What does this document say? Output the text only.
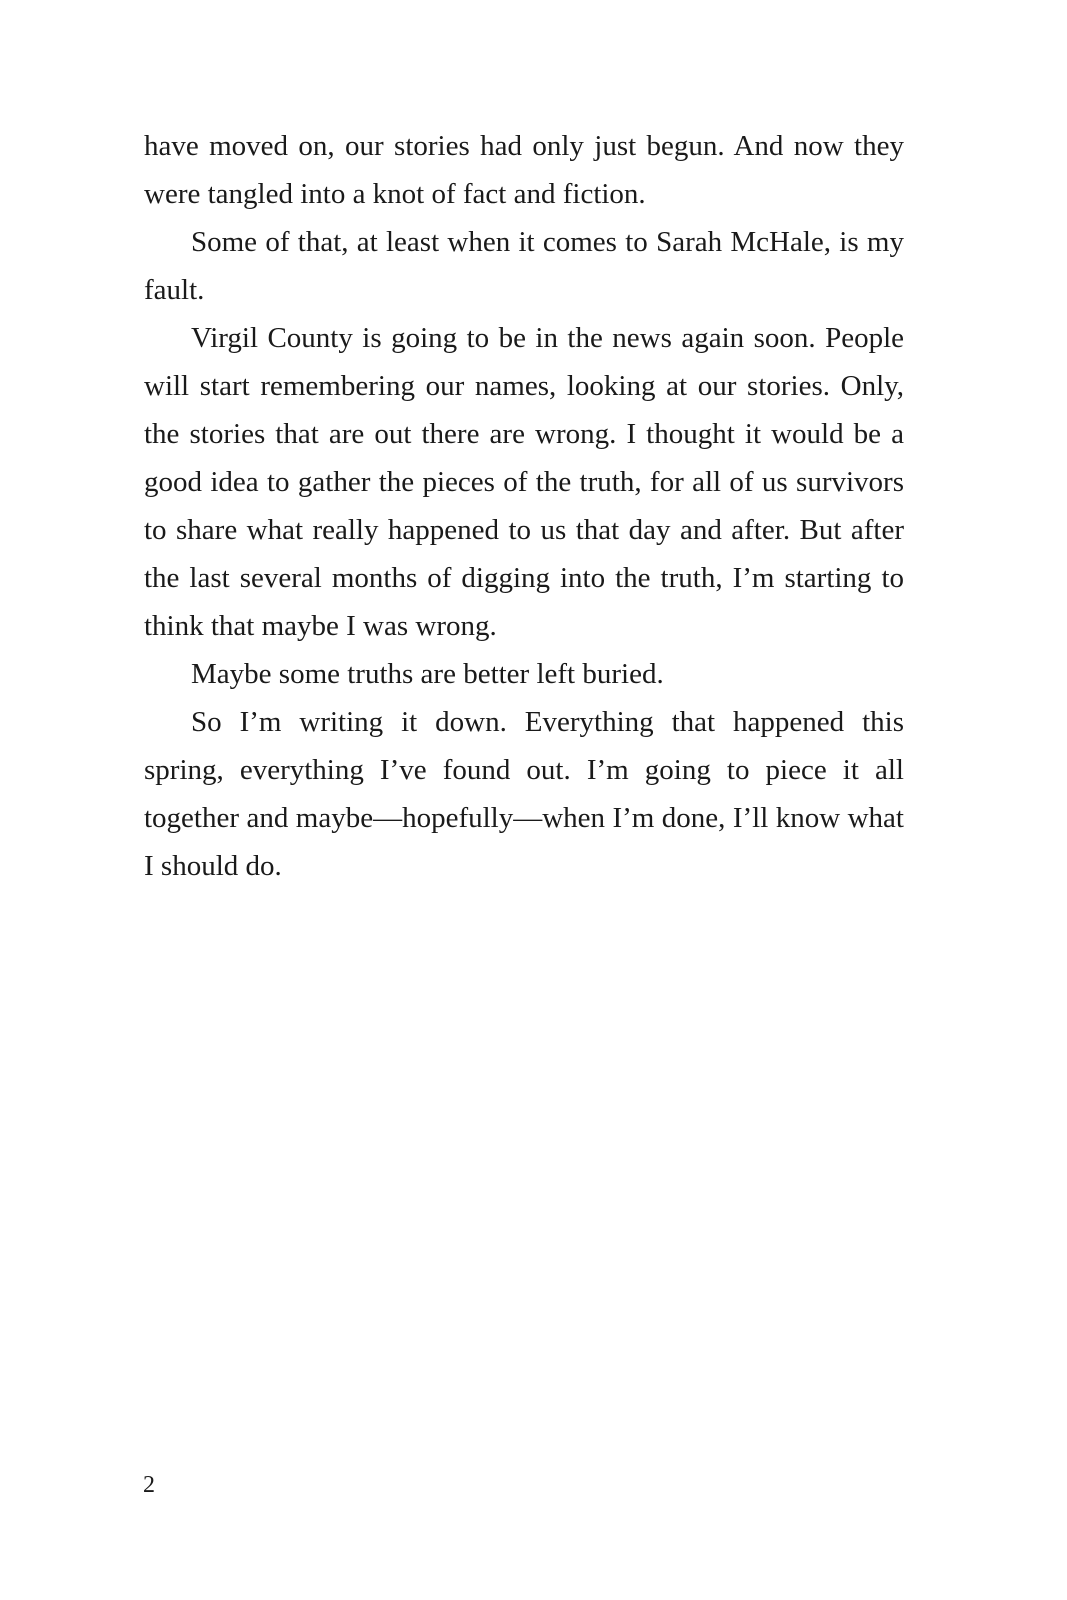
have moved on, our stories had only just begun. And now they were tangled into a knot of fact and fiction.

Some of that, at least when it comes to Sarah McHale, is my fault.

Virgil County is going to be in the news again soon. People will start remembering our names, looking at our stories. Only, the stories that are out there are wrong. I thought it would be a good idea to gather the pieces of the truth, for all of us survivors to share what really happened to us that day and after. But after the last several months of digging into the truth, I’m starting to think that maybe I was wrong.

Maybe some truths are better left buried.

So I’m writing it down. Everything that happened this spring, everything I’ve found out. I’m going to piece it all together and maybe—hopefully—when I’m done, I’ll know what I should do.

2
